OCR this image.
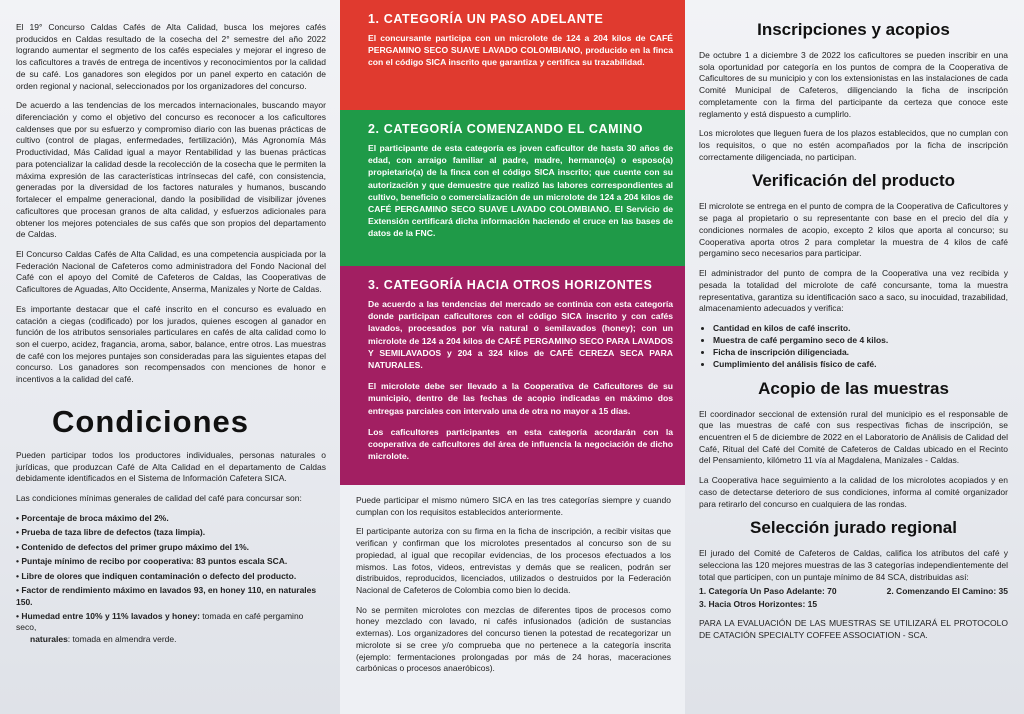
El 19° Concurso Caldas Cafés de Alta Calidad, busca los mejores cafés producidos en Caldas resultado de la cosecha del 2° semestre del año 2022 logrando aumentar el segmento de los cafés especiales y mejorar el ingreso de los caficultores a través de entrega de incentivos y reconocimientos por la calidad de su café. Los ganadores son elegidos por un panel experto en catación de orden regional y nacional, seleccionados por los organizadores del concurso.

De acuerdo a las tendencias de los mercados internacionales, buscando mayor diferenciación y como el objetivo del concurso es reconocer a los caficultores caldenses que por su esfuerzo y compromiso diario con las buenas prácticas de cultivo (control de plagas, enfermedades, fertilización), Más Agronomía Más Productividad, Más Calidad igual a mayor Rentabilidad y las buenas prácticas para potencializar la calidad desde la recolección de la cosecha que le permiten la máxima expresión de las características intrínsecas del café, con consistencia, generadas por la diversidad de los factores naturales y humanos, buscando fortalecer el empalme generacional, dando la posibilidad de visibilizar jóvenes caficultores que procesan granos de alta calidad, y esfuerzos adicionales para obtener los mejores potenciales de sus cafés que son propios del departamento de Caldas.

El Concurso Caldas Cafés de Alta Calidad, es una competencia auspiciada por la Federación Nacional de Cafeteros como administradora del Fondo Nacional del Café con el apoyo del Comité de Cafeteros de Caldas, las Cooperativas de Caficultores de Aguadas, Alto Occidente, Anserma, Manizales y Norte de Caldas.

Es importante destacar que el café inscrito en el concurso es evaluado en catación a ciegas (codificado) por los jurados, quienes escogen al ganador en función de los atributos sensoriales particulares en cafés de alta calidad como lo son el cuerpo, acidez, fragancia, aroma, sabor, balance, entre otros. Las muestras de café con los mejores puntajes son consideradas para las siguientes etapas del concurso. Los ganadores son recompensados con menciones de honor e incentivos a la calidad del café.

Condiciones

Pueden participar todos los productores individuales, personas naturales o jurídicas, que produzcan Café de Alta Calidad en el departamento de Caldas debidamente identificados en el Sistema de Información Cafetera SICA.

Las condiciones mínimas generales de calidad del café para concursar son:

• Porcentaje de broca máximo del 2%.
• Prueba de taza libre de defectos (taza limpia).
• Contenido de defectos del primer grupo máximo del 1%.
• Puntaje mínimo de recibo por cooperativa: 83 puntos escala SCA.
• Libre de olores que indiquen contaminación o defecto del producto.
• Factor de rendimiento máximo en lavados 93, en honey 110, en naturales 150.
• Humedad entre 10% y 11% lavados y honey: tomada en café pergamino seco,
naturales: tomada en almendra verde.
1. CATEGORÍA UN PASO ADELANTE

El concursante participa con un microlote de 124 a 204 kilos de CAFÉ PERGAMINO SECO SUAVE LAVADO COLOMBIANO, producido en la finca con el código SICA inscrito que garantiza y certifica su trazabilidad.

2. CATEGORÍA COMENZANDO EL CAMINO

El participante de esta categoría es joven caficultor de hasta 30 años de edad, con arraigo familiar al padre, madre, hermano(a) o esposo(a) propietario(a) de la finca con el código SICA inscrito; que cuente con su autorización y que demuestre que realizó las labores correspondientes al cultivo, beneficio o comercialización de un microlote de 124 a 204 kilos de CAFÉ PERGAMINO SECO SUAVE LAVADO COLOMBIANO. El Servicio de Extensión certificará dicha información haciendo el cruce en las bases de datos de la FNC.

3. CATEGORÍA HACIA OTROS HORIZONTES

De acuerdo a las tendencias del mercado se continúa con esta categoría donde participan caficultores con el código SICA inscrito y con cafés lavados, procesados por vía natural o semilavados (honey); con un microlote de 124 a 204 kilos de CAFÉ PERGAMINO SECO PARA LAVADOS Y SEMILAVADOS y 204 a 324 kilos de CAFÉ CEREZA SECA PARA NATURALES.

El microlote debe ser llevado a la Cooperativa de Caficultores de su municipio, dentro de las fechas de acopio indicadas en máximo dos entregas parciales con intervalo una de otra no mayor a 15 días.

Los caficultores participantes en esta categoría acordarán con la cooperativa de caficultores del área de influencia la negociación de dicho microlote.

Puede participar el mismo número SICA en las tres categorías siempre y cuando cumplan con los requisitos establecidos anteriormente.

El participante autoriza con su firma en la ficha de inscripción, a recibir visitas que verifican y confirman que los microlotes presentados al concurso son de su propiedad, al igual que recopilar evidencias, de los procesos efectuados a los mismos. Las fotos, videos, entrevistas y demás que se realicen, podrán ser distribuidos, reproducidos, licenciados, utilizados o destruidos por la Federación Nacional de Cafeteros de Colombia como bien lo decida.

No se permiten microlotes con mezclas de diferentes tipos de procesos como honey mezclado con lavado, ni cafés infusionados (adición de sustancias externas). Los organizadores del concurso tienen la potestad de recategorizar un microlote si se cree y/o comprueba que no pertenece a la categoría inscrita (ejemplo: fermentaciones prolongadas por más de 24 horas, maceraciones carbónicas o procesos anaeróbicos).

Inscripciones y acopios

De octubre 1 a diciembre 3 de 2022 los caficultores se pueden inscribir en una sola oportunidad por categoría en los puntos de compra de la Cooperativa de Caficultores de su municipio y con los extensionistas en las instalaciones de cada Comité Municipal de Cafeteros, diligenciando la ficha de inscripción completamente con la firma del participante da certeza que conoce este reglamento y está dispuesto a cumplirlo.

Los microlotes que lleguen fuera de los plazos establecidos, que no cumplan con los requisitos, o que no estén acompañados por la ficha de inscripción correctamente diligenciada, no participan.

Verificación del producto

El microlote se entrega en el punto de compra de la Cooperativa de Caficultores y se paga al propietario o su representante con base en el precio del día y condiciones normales de acopio, excepto 2 kilos que aporta al concurso; su Cooperativa aporta otros 2 para completar la muestra de 4 kilos de café pergamino seco necesarios para participar.

El administrador del punto de compra de la Cooperativa una vez recibida y pesada la totalidad del microlote de café concursante, toma la muestra representativa, garantiza su identificación saco a saco, su inocuidad, trazabilidad, almacenamiento adecuados y verifica:

• Cantidad en kilos de café inscrito.
• Muestra de café pergamino seco de 4 kilos.
• Ficha de inscripción diligenciada.
• Cumplimiento del análisis físico de café.
Acopio de las muestras

El coordinador seccional de extensión rural del municipio es el responsable de que las muestras de café con sus respectivas fichas de inscripción, se encuentren el 5 de diciembre de 2022 en el Laboratorio de Análisis de Calidad del Café, Ritual del Café del Comité de Cafeteros de Caldas ubicado en el Recinto del Pensamiento, kilómetro 11 vía al Magdalena, Manizales - Caldas.

La Cooperativa hace seguimiento a la calidad de los microlotes acopiados y en caso de detectarse deterioro de sus condiciones, informa al comité organizador para retirarlo del concurso en cualquiera de las rondas.

Selección jurado regional

El jurado del Comité de Cafeteros de Caldas, califica los atributos del café y selecciona las 120 mejores muestras de las 3 categorías independientemente del total que participen, con un puntaje mínimo de 84 SCA, distribuidas así:

1. Categoría Un Paso Adelante: 70	2. Comenzando El Camino: 35
3. Hacia Otros Horizontes: 15

PARA LA EVALUACIÓN DE LAS MUESTRAS SE UTILIZARÁ EL PROTOCOLO DE CATACIÓN SPECIALTY COFFEE ASSOCIATION - SCA.
